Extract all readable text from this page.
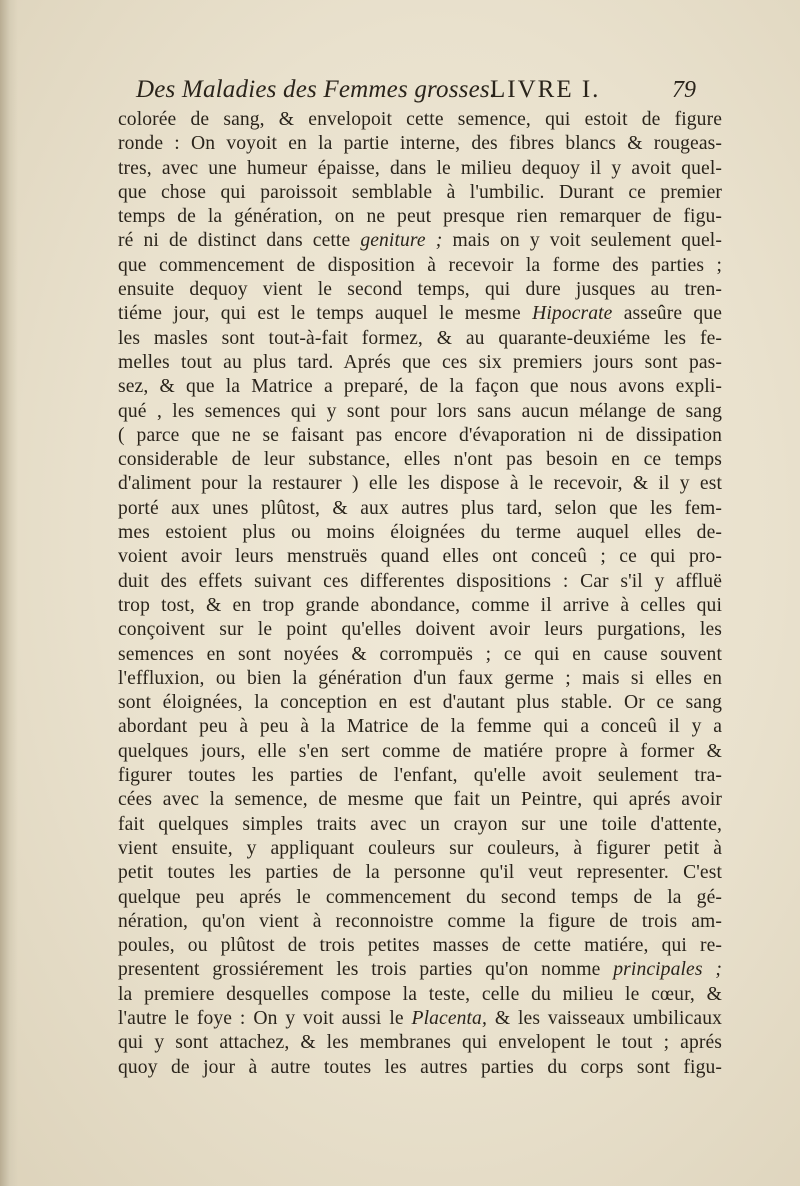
Des Maladies des Femmes grosses.
LIVRE I.	79
colorée de sang, & envelopoit cette semence, qui estoit de figure
ronde : On voyoit en la partie interne, des fibres blancs & rougeas-
tres, avec une humeur épaisse, dans le milieu dequoy il y avoit quel-
que chose qui paroissoit semblable à l'umbilic. Durant ce premier
temps de la génération, on ne peut presque rien remarquer de figu-
ré ni de distinct dans cette geniture ; mais on y voit seulement quel-
que commencement de disposition à recevoir la forme des parties ;
ensuite dequoy vient le second temps, qui dure jusques au tren-
tiéme jour, qui est le temps auquel le mesme Hipocrate asseûre que
les masles sont tout-à-fait formez, & au quarante-deuxiéme les fe-
melles tout au plus tard. Aprés que ces six premiers jours sont pas-
sez, & que la Matrice a preparé, de la façon que nous avons expli-
qué , les semences qui y sont pour lors sans aucun mélange de sang
( parce que ne se faisant pas encore d'évaporation ni de dissipation
considerable de leur substance, elles n'ont pas besoin en ce temps
d'aliment pour la restaurer ) elle les dispose à le recevoir, & il y est
porté aux unes plûtost, & aux autres plus tard, selon que les fem-
mes estoient plus ou moins éloignées du terme auquel elles de-
voient avoir leurs menstruës quand elles ont conceû ; ce qui pro-
duit des effets suivant ces differentes dispositions : Car s'il y affluë
trop tost, & en trop grande abondance, comme il arrive à celles qui
conçoivent sur le point qu'elles doivent avoir leurs purgations, les
semences en sont noyées & corrompuës ; ce qui en cause souvent
l'effluxion, ou bien la génération d'un faux germe ; mais si elles en
sont éloignées, la conception en est d'autant plus stable. Or ce sang
abordant peu à peu à la Matrice de la femme qui a conceû il y a
quelques jours, elle s'en sert comme de matiére propre à former &
figurer toutes les parties de l'enfant, qu'elle avoit seulement tra-
cées avec la semence, de mesme que fait un Peintre, qui aprés avoir
fait quelques simples traits avec un crayon sur une toile d'attente,
vient ensuite, y appliquant couleurs sur couleurs, à figurer petit à
petit toutes les parties de la personne qu'il veut representer. C'est
quelque peu aprés le commencement du second temps de la gé-
nération, qu'on vient à reconnoistre comme la figure de trois am-
poules, ou plûtost de trois petites masses de cette matiére, qui re-
presentent grossiérement les trois parties qu'on nomme principales ;
la premiere desquelles compose la teste, celle du milieu le cœur, &
l'autre le foye : On y voit aussi le Placenta, & les vaisseaux umbilicaux
qui y sont attachez, & les membranes qui envelopent le tout ; aprés
quoy de jour à autre toutes les autres parties du corps sont figu-
